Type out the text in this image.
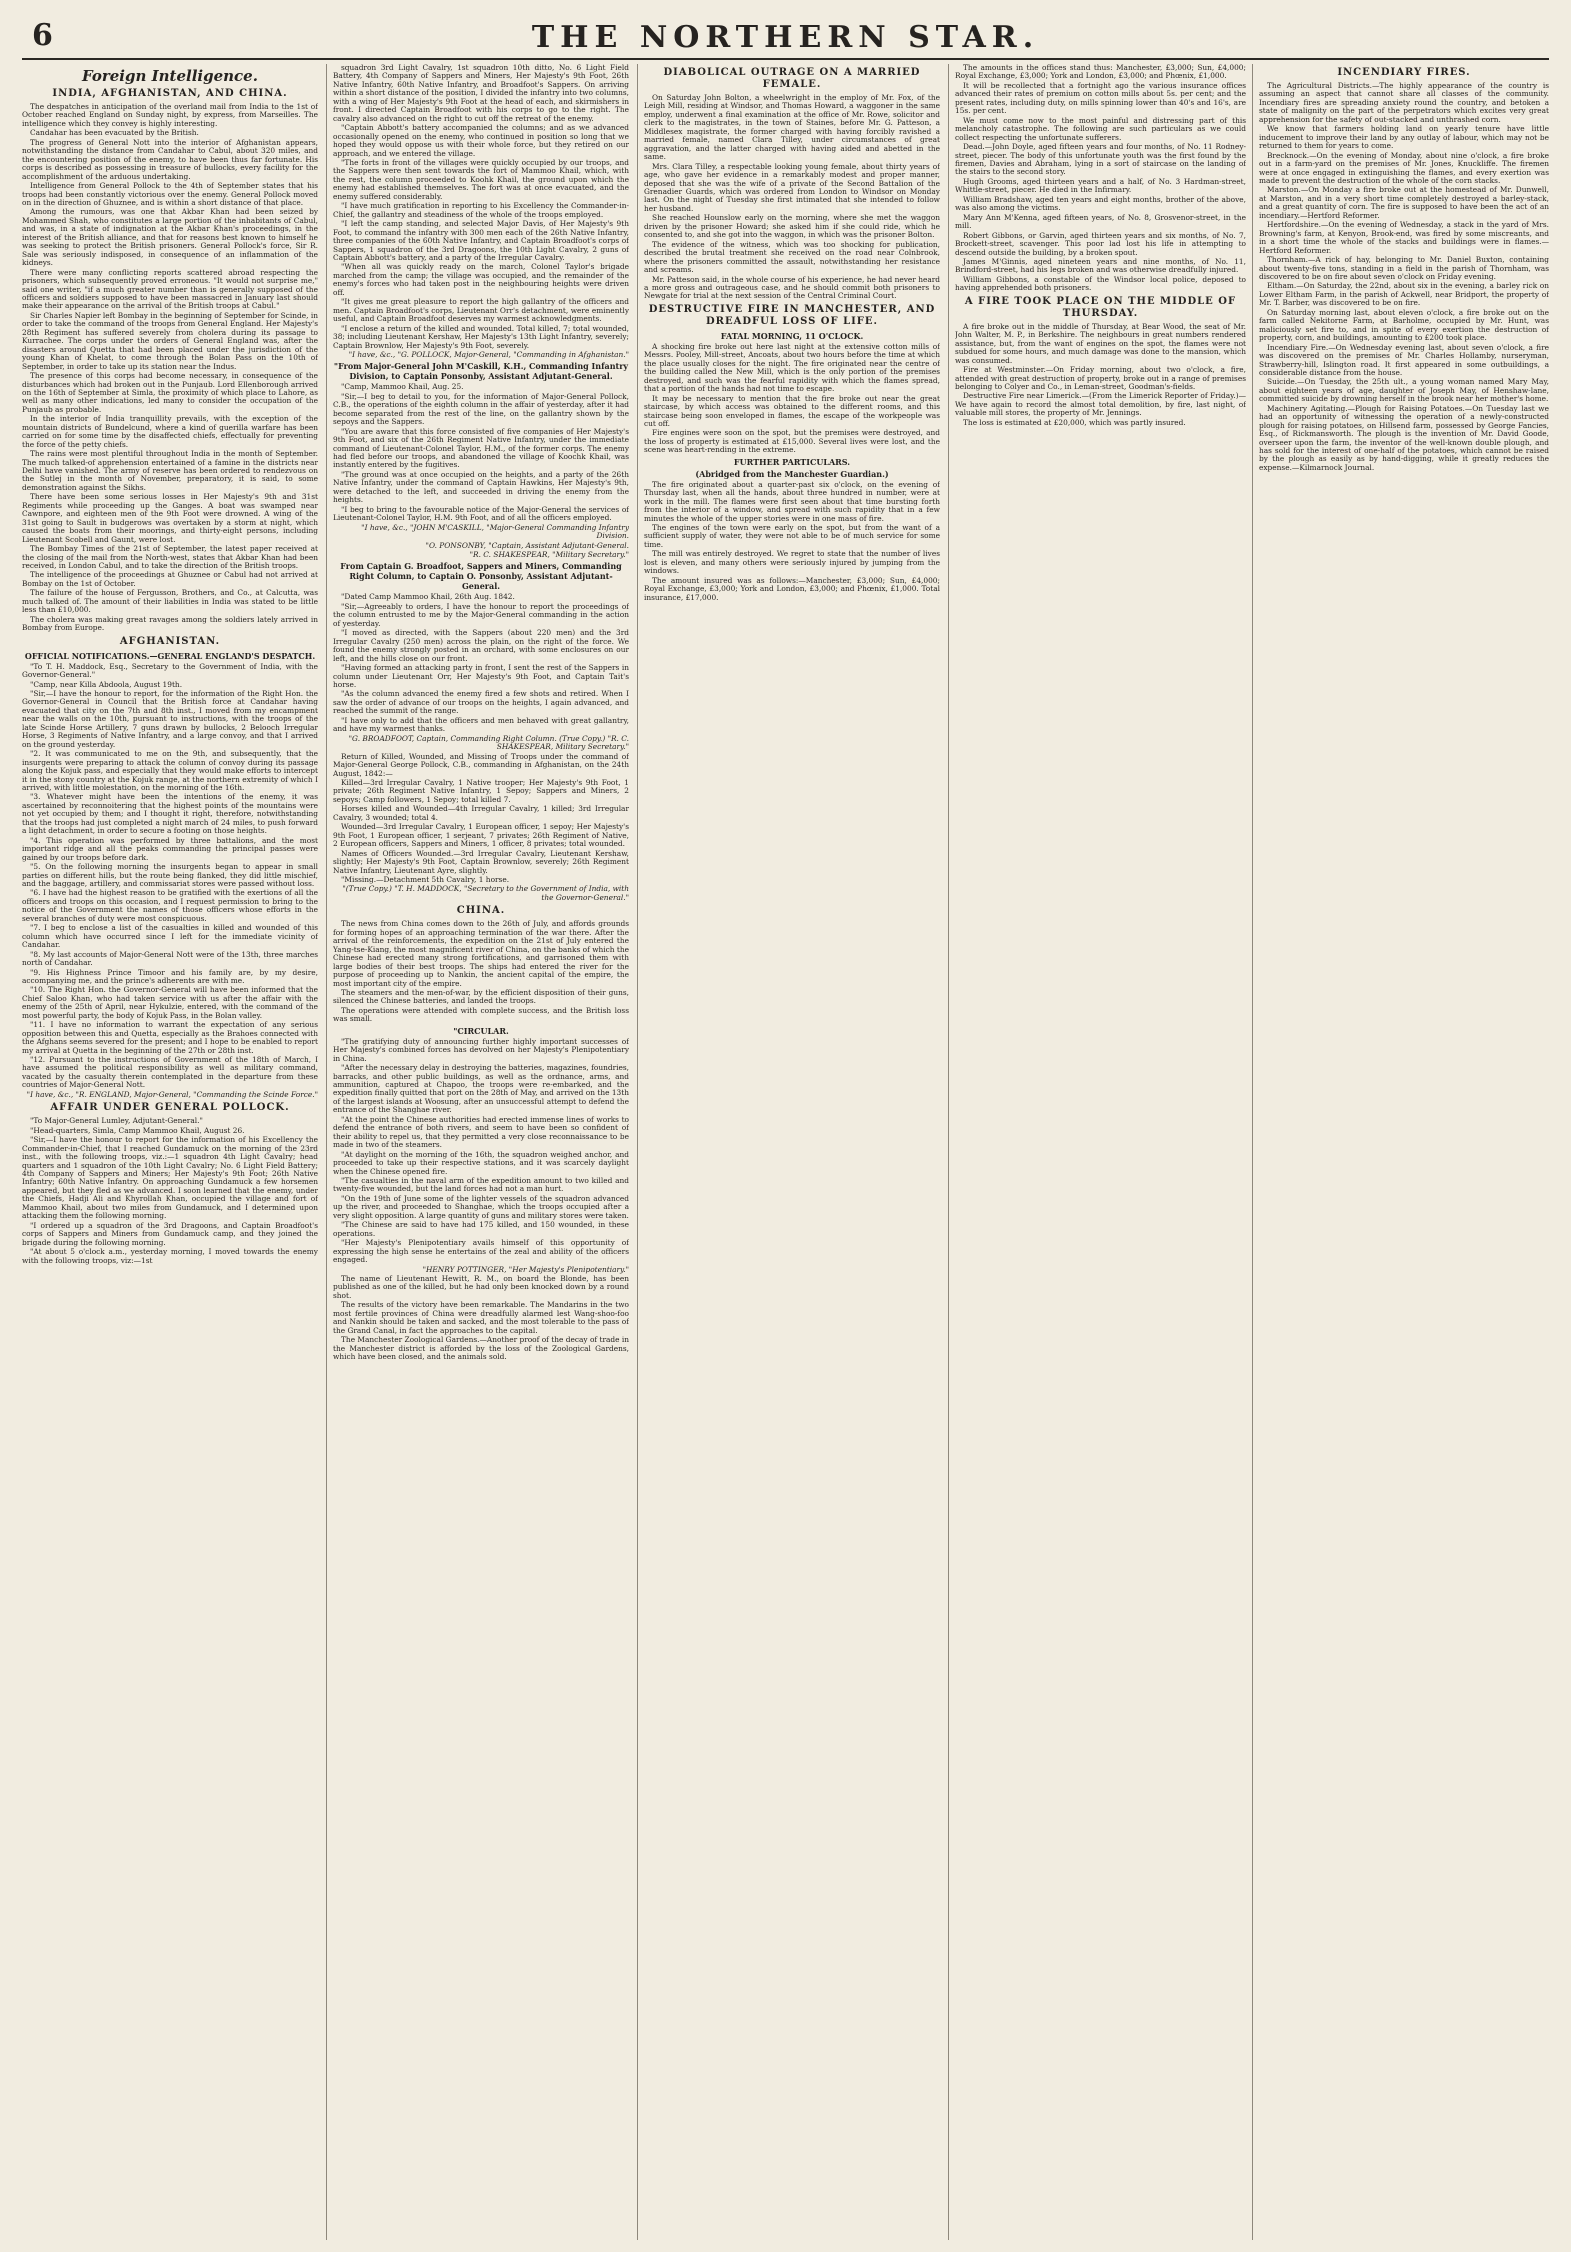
6	THE NORTHERN STAR.
Foreign Intelligence.
INDIA, AFGHANISTAN, AND CHINA.

The despatches in anticipation of the overland mail from India to the 1st of October reached England on Sunday night, by express, from Marseilles. The intelligence which they convey is highly interesting.

Candahar has been evacuated by the British.

The progress of General Nott into the interior of Afghanistan appears, notwithstanding the distance from Candahar to Cabul, about 320 miles, and the encountering position of the enemy, to have been thus far fortunate. His corps is described as possessing in treasure of bullocks, every facility for the accomplishment of the arduous undertaking.

Intelligence from General Pollock to the 4th of September states that his troops had been constantly victorious over the enemy. General Pollock moved on in the direction of Ghuznee, and is within a short distance of that place.

Among the rumours, was one that Akbar Khan had been seized by Mohammed Shah, who constitutes a large portion of the inhabitants of Cabul, and was, in a state of indignation at the Akbar Khan's proceedings, in the interest of the British alliance, and that for reasons best known to himself he was seeking to protect the British prisoners. General Pollock's force, Sir R. Sale was seriously indisposed, in consequence of an inflammation of the kidneys.

There were many conflicting reports scattered abroad respecting the prisoners, which subsequently proved erroneous. "It would not surprise me," said one writer, "if a much greater number than is generally supposed of the officers and soldiers supposed to have been massacred in January last should make their appearance on the arrival of the British troops at Cabul."

Sir Charles Napier left Bombay in the beginning of September for Scinde, in order to take the command of the troops from General England. Her Majesty's 28th Regiment has suffered severely from cholera during its passage to Kurrachee. The corps under the orders of General England was, after the disasters around Quetta that had been placed under the jurisdiction of the young Khan of Khelat, to come through the Bolan Pass on the 10th of September, in order to take up its station near the Indus.

The presence of this corps had become necessary, in consequence of the disturbances which had broken out in the Punjaub. Lord Ellenborough arrived on the 16th of September at Simla, the proximity of which place to Lahore, as well as many other indications, led many to consider the occupation of the Punjaub as probable.

In the interior of India tranquillity prevails, with the exception of the mountain districts of Bundelcund, where a kind of guerilla warfare has been carried on for some time by the disaffected chiefs, effectually for preventing the force of the petty chiefs.

The rains were most plentiful throughout India in the month of September. The much talked-of apprehension entertained of a famine in the districts near Delhi have vanished. The army of reserve has been ordered to rendezvous on the Sutlej in the month of November, preparatory, it is said, to some demonstration against the Sikhs.

There have been some serious losses in Her Majesty's 9th and 31st Regiments while proceeding up the Ganges. A boat was swamped near Cawnpore, and eighteen men of the 9th Foot were drowned. A wing of the 31st going to Sault in budgerows was overtaken by a storm at night, which caused the boats from their moorings, and thirty-eight persons, including Lieutenant Scobell and Gaunt, were lost.

The Bombay Times of the 21st of September, the latest paper received at the closing of the mail from the North-west, states that Akbar Khan had been received, in London Cabul, and to take the direction of the British troops.

The intelligence of the proceedings at Ghuznee or Cabul had not arrived at Bombay on the 1st of October.

The failure of the house of Fergusson, Brothers, and Co., at Calcutta, was much talked of. The amount of their liabilities in India was stated to be little less than £10,000.

The cholera was making great ravages among the soldiers lately arrived in Bombay from Europe.

AFGHANISTAN.
OFFICIAL NOTIFICATIONS.—GENERAL ENGLAND'S DESPATCH.

"To T. H. Maddock, Esq., Secretary to the Government of India, with the Governor-General."

"Camp, near Killa Abdoola, August 19th.

"Sir,—I have the honour to report, for the information of the Right Hon. the Governor-General in Council that the British force at Candahar having evacuated that city on the 7th and 8th inst., I moved from my encampment near the walls on the 10th, pursuant to instructions, with the troops of the late Scinde Horse Artillery, 7 guns drawn by bullocks, 2 Belooch Irregular Horse, 3 Regiments of Native Infantry, and a large convoy, and that I arrived on the ground yesterday.

"2. It was communicated to me on the 9th, and subsequently, that the insurgents were preparing to attack the column of convoy during its passage along the Kojuk pass, and especially that they would make efforts to intercept it in the stony country at the Kojuk range, at the northern extremity of which I arrived, with little molestation, on the morning of the 16th.

"3. Whatever might have been the intentions of the enemy, it was ascertained by reconnoitering that the highest points of the mountains were not yet occupied by them; and I thought it right, therefore, notwithstanding that the troops had just completed a night march of 24 miles, to push forward a light detachment, in order to secure a footing on those heights.

"4. This operation was performed by three battalions, and the most important ridge and all the peaks commanding the principal passes were gained by our troops before dark.

"5. On the following morning the insurgents began to appear in small parties on different hills, but the route being flanked, they did little mischief, and the baggage, artillery, and commissariat stores were passed without loss.

"6. I have had the highest reason to be gratified with the exertions of all the officers and troops on this occasion, and I request permission to bring to the notice of the Government the names of those officers whose efforts in the several branches of duty were most conspicuous.

"7. I beg to enclose a list of the casualties in killed and wounded of this column which have occurred since I left for the immediate vicinity of Candahar.

"8. My last accounts of Major-General Nott were of the 13th, three marches north of Candahar.

"9. His Highness Prince Timoor and his family are, by my desire, accompanying me, and the prince's adherents are with me.

"10. The Right Hon. the Governor-General will have been informed that the Chief Saloo Khan, who had taken service with us after the affair with the enemy of the 25th of April, near Hykulzie, entered, with the command of the most powerful party, the body of Kojuk Pass, in the Bolan valley.

"11. I have no information to warrant the expectation of any serious opposition between this and Quetta, especially as the Brahoes connected with the Afghans seems severed for the present; and I hope to be enabled to report my arrival at Quetta in the beginning of the 27th or 28th inst.

"12. Pursuant to the instructions of Government of the 18th of March, I have assumed the political responsibility as well as military command, vacated by the casualty therein contemplated in the departure from these countries of Major-General Nott.

"I have, &c., "R. ENGLAND, Major-General, "Commanding the Scinde Force."

AFFAIR UNDER GENERAL POLLOCK.

"To Major-General Lumley, Adjutant-General."

"Head-quarters, Simla, Camp Mammoo Khail, August 26.

"Sir,—I have the honour to report for the information of his Excellency the Commander-in-Chief, that I reached Gundamuck on the morning of the 23rd inst., with the following troops, viz.:—1 squadron 4th Light Cavalry; head quarters and 1 squadron of the 10th Light Cavalry; No. 6 Light Field Battery; 4th Company of Sappers and Miners; Her Majesty's 9th Foot; 26th Native Infantry; 60th Native Infantry. On approaching Gundamuck a few horsemen appeared, but they fled as we advanced. I soon learned that the enemy, under the Chiefs, Hadji Ali and Khyrollah Khan, occupied the village and fort of Mammoo Khail, about two miles from Gundamuck, and I determined upon attacking them the following morning.

"I ordered up a squadron of the 3rd Dragoons, and Captain Broadfoot's corps of Sappers and Miners from Gundamuck camp, and they joined the brigade during the following morning.

"At about 5 o'clock a.m., yesterday morning, I moved towards the enemy with the following troops, viz:—1st

squadron 3rd Light Cavalry, 1st squadron 10th ditto, No. 6 Light Field Battery, 4th Company of Sappers and Miners, Her Majesty's 9th Foot, 26th Native Infantry, 60th Native Infantry, and Broadfoot's Sappers. On arriving within a short distance of the position, I divided the infantry into two columns, with a wing of Her Majesty's 9th Foot at the head of each, and skirmishers in front. I directed Captain Broadfoot with his corps to go to the right. The cavalry also advanced on the right to cut off the retreat of the enemy.

"Captain Abbott's battery accompanied the columns; and as we advanced occasionally opened on the enemy, who continued in position so long that we hoped they would oppose us with their whole force, but they retired on our approach, and we entered the village.

"The forts in front of the villages were quickly occupied by our troops, and the Sappers were then sent towards the fort of Mammoo Khail, which, with the rest, the column proceeded to Koohk Khail, the ground upon which the enemy had established themselves. The fort was at once evacuated, and the enemy suffered considerably.

"I have much gratification in reporting to his Excellency the Commander-in-Chief, the gallantry and steadiness of the whole of the troops employed.

"I left the camp standing, and selected Major Davis, of Her Majesty's 9th Foot, to command the infantry with 300 men each of the 26th Native Infantry, three companies of the 60th Native Infantry, and Captain Broadfoot's corps of Sappers, 1 squadron of the 3rd Dragoons, the 10th Light Cavalry, 2 guns of Captain Abbott's battery, and a party of the Irregular Cavalry.

"When all was quickly ready on the march, Colonel Taylor's brigade marched from the camp; the village was occupied, and the remainder of the enemy's forces who had taken post in the neighbouring heights were driven off.

"It gives me great pleasure to report the high gallantry of the officers and men. Captain Broadfoot's corps, Lieutenant Orr's detachment, were eminently useful, and Captain Broadfoot deserves my warmest acknowledgments.

"I enclose a return of the killed and wounded. Total killed, 7; total wounded, 38; including Lieutenant Kershaw, Her Majesty's 13th Light Infantry, severely; Captain Brownlow, Her Majesty's 9th Foot, severely.

"I have, &c., "G. POLLOCK, Major-General, "Commanding in Afghanistan."

"From Major-General John M'Caskill, K.H., Commanding Infantry Division, to Captain Ponsonby, Assistant Adjutant-General.

"Camp, Mammoo Khail, Aug. 25.

"Sir,—I beg to detail to you, for the information of Major-General Pollock, C.B., the operations of the eighth column in the affair of yesterday, after it had become separated from the rest of the line, on the gallantry shown by the sepoys and the Sappers.

"You are aware that this force consisted of five companies of Her Majesty's 9th Foot, and six of the 26th Regiment Native Infantry, under the immediate command of Lieutenant-Colonel Taylor, H.M., of the former corps. The enemy had fled before our troops, and abandoned the village of Koochk Khail, was instantly entered by the fugitives.

"The ground was at once occupied on the heights, and a party of the 26th Native Infantry, under the command of Captain Hawkins, Her Majesty's 9th, were detached to the left, and succeeded in driving the enemy from the heights.

"I beg to bring to the favourable notice of the Major-General the services of Lieutenant-Colonel Taylor, H.M. 9th Foot, and of all the officers employed.

"I have, &c., "JOHN M'CASKILL, "Major-General Commanding Infantry Division.

"O. PONSONBY, "Captain, Assistant Adjutant-General.

"R. C. SHAKESPEAR, "Military Secretary."

From Captain G. Broadfoot, Sappers and Miners, Commanding Right Column, to Captain O. Ponsonby, Assistant Adjutant-General.

"Dated Camp Mammoo Khail, 26th Aug. 1842.

"Sir,—Agreeably to orders, I have the honour to report the proceedings of the column entrusted to me by the Major-General commanding in the action of yesterday.

"I moved as directed, with the Sappers (about 220 men) and the 3rd Irregular Cavalry (250 men) across the plain, on the right of the force. We found the enemy strongly posted in an orchard, with some enclosures on our left, and the hills close on our front.

"Having formed an attacking party in front, I sent the rest of the Sappers in column under Lieutenant Orr, Her Majesty's 9th Foot, and Captain Tait's horse.

"As the column advanced the enemy fired a few shots and retired. When I saw the order of advance of our troops on the heights, I again advanced, and reached the summit of the range.

"I have only to add that the officers and men behaved with great gallantry, and have my warmest thanks.

"G. BROADFOOT, Captain, Commanding Right Column. (True Copy.) "R. C. SHAKESPEAR, Military Secretary."

Return of Killed, Wounded, and Missing of Troops under the command of Major-General George Pollock, C.B., commanding in Afghanistan, on the 24th August, 1842:—

Killed—3rd Irregular Cavalry, 1 Native trooper; Her Majesty's 9th Foot, 1 private; 26th Regiment Native Infantry, 1 Sepoy; Sappers and Miners, 2 sepoys; Camp followers, 1 Sepoy; total killed 7.

Horses killed and Wounded—4th Irregular Cavalry, 1 killed; 3rd Irregular Cavalry, 3 wounded; total 4.

Wounded—3rd Irregular Cavalry, 1 European officer, 1 sepoy; Her Majesty's 9th Foot, 1 European officer, 1 serjeant, 7 privates; 26th Regiment of Native, 2 European officers, Sappers and Miners, 1 officer, 8 privates; total wounded.

Names of Officers Wounded.—3rd Irregular Cavalry, Lieutenant Kershaw, slightly; Her Majesty's 9th Foot, Captain Brownlow, severely; 26th Regiment Native Infantry, Lieutenant Ayre, slightly.

"Missing.—Detachment 5th Cavalry, 1 horse.

"(True Copy.) "T. H. MADDOCK, "Secretary to the Government of India, with the Governor-General."

CHINA.

The news from China comes down to the 26th of July, and affords grounds for forming hopes of an approaching termination of the war there. After the arrival of the reinforcements, the expedition on the 21st of July entered the Yang-tse-Kiang, the most magnificent river of China, on the banks of which the Chinese had erected many strong fortifications, and garrisoned them with large bodies of their best troops. The ships had entered the river for the purpose of proceeding up to Nankin, the ancient capital of the empire, the most important city of the empire.

The steamers and the men-of-war, by the efficient disposition of their guns, silenced the Chinese batteries, and landed the troops.

The operations were attended with complete success, and the British loss was small.

"CIRCULAR.

"The gratifying duty of announcing further highly important successes of Her Majesty's combined forces has devolved on her Majesty's Plenipotentiary in China.

"After the necessary delay in destroying the batteries, magazines, foundries, barracks, and other public buildings, as well as the ordnance, arms, and ammunition, captured at Chapoo, the troops were re-embarked, and the expedition finally quitted that port on the 28th of May, and arrived on the 13th of the largest islands at Woosung, after an unsuccessful attempt to defend the entrance of the Shanghae river.

"At the point the Chinese authorities had erected immense lines of works to defend the entrance of both rivers, and seem to have been so confident of their ability to repel us, that they permitted a very close reconnaissance to be made in two of the steamers.

"At daylight on the morning of the 16th, the squadron weighed anchor, and proceeded to take up their respective stations, and it was scarcely daylight when the Chinese opened fire.

"The casualties in the naval arm of the expedition amount to two killed and twenty-five wounded, but the land forces had not a man hurt.

"On the 19th of June some of the lighter vessels of the squadron advanced up the river, and proceeded to Shanghae, which the troops occupied after a very slight opposition. A large quantity of guns and military stores were taken.

"The Chinese are said to have had 175 killed, and 150 wounded, in these operations.

"Her Majesty's Plenipotentiary avails himself of this opportunity of expressing the high sense he entertains of the zeal and ability of the officers engaged.

"HENRY POTTINGER, "Her Majesty's Plenipotentiary."

The name of Lieutenant Hewitt, R. M., on board the Blonde, has been published as one of the killed, but he had only been knocked down by a round shot.

The results of the victory have been remarkable. The Mandarins in the two most fertile provinces of China were dreadfully alarmed lest Wang-shoo-foo and Nankin should be taken and sacked, and the most tolerable to the pass of the Grand Canal, in fact the approaches to the capital.

The Manchester Zoological Gardens.—Another proof of the decay of trade in the Manchester district is afforded by the loss of the Zoological Gardens, which have been closed, and the animals sold.

DIABOLICAL OUTRAGE ON A MARRIED FEMALE.

On Saturday John Bolton, a wheelwright in the employ of Mr. Fox, of the Leigh Mill, residing at Windsor, and Thomas Howard, a waggoner in the same employ, underwent a final examination at the office of Mr. Rowe, solicitor and clerk to the magistrates, in the town of Staines, before Mr. G. Patteson, a Middlesex magistrate, the former charged with having forcibly ravished a married female, named Clara Tilley, under circumstances of great aggravation, and the latter charged with having aided and abetted in the same.

Mrs. Clara Tilley, a respectable looking young female, about thirty years of age, who gave her evidence in a remarkably modest and proper manner, deposed that she was the wife of a private of the Second Battalion of the Grenadier Guards, which was ordered from London to Windsor on Monday last. On the night of Tuesday she first intimated that she intended to follow her husband.

She reached Hounslow early on the morning, where she met the waggon driven by the prisoner Howard; she asked him if she could ride, which he consented to, and she got into the waggon, in which was the prisoner Bolton.

The evidence of the witness, which was too shocking for publication, described the brutal treatment she received on the road near Colnbrook, where the prisoners committed the assault, notwithstanding her resistance and screams.

Mr. Patteson said, in the whole course of his experience, he had never heard a more gross and outrageous case, and he should commit both prisoners to Newgate for trial at the next session of the Central Criminal Court.

DESTRUCTIVE FIRE IN MANCHESTER, AND DREADFUL LOSS OF LIFE.
FATAL MORNING, 11 O'CLOCK.

A shocking fire broke out here last night at the extensive cotton mills of Messrs. Pooley, Mill-street, Ancoats, about two hours before the time at which the place usually closes for the night. The fire originated near the centre of the building called the New Mill, which is the only portion of the premises destroyed, and such was the fearful rapidity with which the flames spread, that a portion of the hands had not time to escape.

It may be necessary to mention that the fire broke out near the great staircase, by which access was obtained to the different rooms, and this staircase being soon enveloped in flames, the escape of the workpeople was cut off.

Fire engines were soon on the spot, but the premises were destroyed, and the loss of property is estimated at £15,000. Several lives were lost, and the scene was heart-rending in the extreme.

FURTHER PARTICULARS.
(Abridged from the Manchester Guardian.)

The fire originated about a quarter-past six o'clock, on the evening of Thursday last, when all the hands, about three hundred in number, were at work in the mill. The flames were first seen about that time bursting forth from the interior of a window, and spread with such rapidity that in a few minutes the whole of the upper stories were in one mass of fire.

The engines of the town were early on the spot, but from the want of a sufficient supply of water, they were not able to be of much service for some time.

The mill was entirely destroyed. We regret to state that the number of lives lost is eleven, and many others were seriously injured by jumping from the windows.

The amount insured was as follows:—Manchester, £3,000; Sun, £4,000; Royal Exchange, £3,000; York and London, £3,000; and Phœnix, £1,000. Total insurance, £17,000.

The amounts in the offices stand thus: Manchester, £3,000; Sun, £4,000; Royal Exchange, £3,000; York and London, £3,000; and Phœnix, £1,000.

It will be recollected that a fortnight ago the various insurance offices advanced their rates of premium on cotton mills about 5s. per cent; and the present rates, including duty, on mills spinning lower than 40's and 16's, are 15s. per cent.

We must come now to the most painful and distressing part of this melancholy catastrophe. The following are such particulars as we could collect respecting the unfortunate sufferers.

Dead.—John Doyle, aged fifteen years and four months, of No. 11 Rodney-street, piecer. The body of this unfortunate youth was the first found by the firemen, Davies and Abraham, lying in a sort of staircase on the landing of the stairs to the second story.

Hugh Grooms, aged thirteen years and a half, of No. 3 Hardman-street, Whittle-street, piecer. He died in the Infirmary.

William Bradshaw, aged ten years and eight months, brother of the above, was also among the victims.

Mary Ann M'Kenna, aged fifteen years, of No. 8, Grosvenor-street, in the mill.

Robert Gibbons, or Garvin, aged thirteen years and six months, of No. 7, Brockett-street, scavenger. This poor lad lost his life in attempting to descend outside the building, by a broken spout.

James M'Ginnis, aged nineteen years and nine months, of No. 11, Brindford-street, had his legs broken and was otherwise dreadfully injured.

William Gibbons, a constable of the Windsor local police, deposed to having apprehended both prisoners.

A FIRE TOOK PLACE ON THE MIDDLE OF THURSDAY.

A fire broke out in the middle of Thursday, at Bear Wood, the seat of Mr. John Walter, M. P., in Berkshire. The neighbours in great numbers rendered assistance, but, from the want of engines on the spot, the flames were not subdued for some hours, and much damage was done to the mansion, which was consumed.

Fire at Westminster.—On Friday morning, about two o'clock, a fire, attended with great destruction of property, broke out in a range of premises belonging to Colyer and Co., in Leman-street, Goodman's-fields.

Destructive Fire near Limerick.—(From the Limerick Reporter of Friday.)—We have again to record the almost total demolition, by fire, last night, of valuable mill stores, the property of Mr. Jennings.

The loss is estimated at £20,000, which was partly insured.

INCENDIARY FIRES.

The Agricultural Districts.—The highly appearance of the country is assuming an aspect that cannot share all classes of the community. Incendiary fires are spreading anxiety round the country, and betoken a state of malignity on the part of the perpetrators which excites very great apprehension for the safety of out-stacked and unthrashed corn.

We know that farmers holding land on yearly tenure have little inducement to improve their land by any outlay of labour, which may not be returned to them for years to come.

Brecknock.—On the evening of Monday, about nine o'clock, a fire broke out in a farm-yard on the premises of Mr. Jones, Knuckliffe. The firemen were at once engaged in extinguishing the flames, and every exertion was made to prevent the destruction of the whole of the corn stacks.

Marston.—On Monday a fire broke out at the homestead of Mr. Dunwell, at Marston, and in a very short time completely destroyed a barley-stack, and a great quantity of corn. The fire is supposed to have been the act of an incendiary.—Hertford Reformer.

Hertfordshire.—On the evening of Wednesday, a stack in the yard of Mrs. Browning's farm, at Kenyon, Brook-end, was fired by some miscreants, and in a short time the whole of the stacks and buildings were in flames.—Hertford Reformer.

Thornham.—A rick of hay, belonging to Mr. Daniel Buxton, containing about twenty-five tons, standing in a field in the parish of Thornham, was discovered to be on fire about seven o'clock on Friday evening.

Eltham.—On Saturday, the 22nd, about six in the evening, a barley rick on Lower Eltham Farm, in the parish of Ackwell, near Bridport, the property of Mr. T. Barber, was discovered to be on fire.

On Saturday morning last, about eleven o'clock, a fire broke out on the farm called Nekitorne Farm, at Barholme, occupied by Mr. Hunt, was maliciously set fire to, and in spite of every exertion the destruction of property, corn, and buildings, amounting to £200 took place.

Incendiary Fire.—On Wednesday evening last, about seven o'clock, a fire was discovered on the premises of Mr. Charles Hollamby, nurseryman, Strawberry-hill, Islington road. It first appeared in some outbuildings, a considerable distance from the house.

Suicide.—On Tuesday, the 25th ult., a young woman named Mary May, about eighteen years of age, daughter of Joseph May, of Henshaw-lane, committed suicide by drowning herself in the brook near her mother's home.

Machinery Agitating.—Plough for Raising Potatoes.—On Tuesday last we had an opportunity of witnessing the operation of a newly-constructed plough for raising potatoes, on Hillsend farm, possessed by George Fancies, Esq., of Rickmansworth. The plough is the invention of Mr. David Goode, overseer upon the farm, the inventor of the well-known double plough, and has sold for the interest of one-half of the potatoes, which cannot be raised by the plough as easily as by hand-digging, while it greatly reduces the expense.—Kilmarnock Journal.
